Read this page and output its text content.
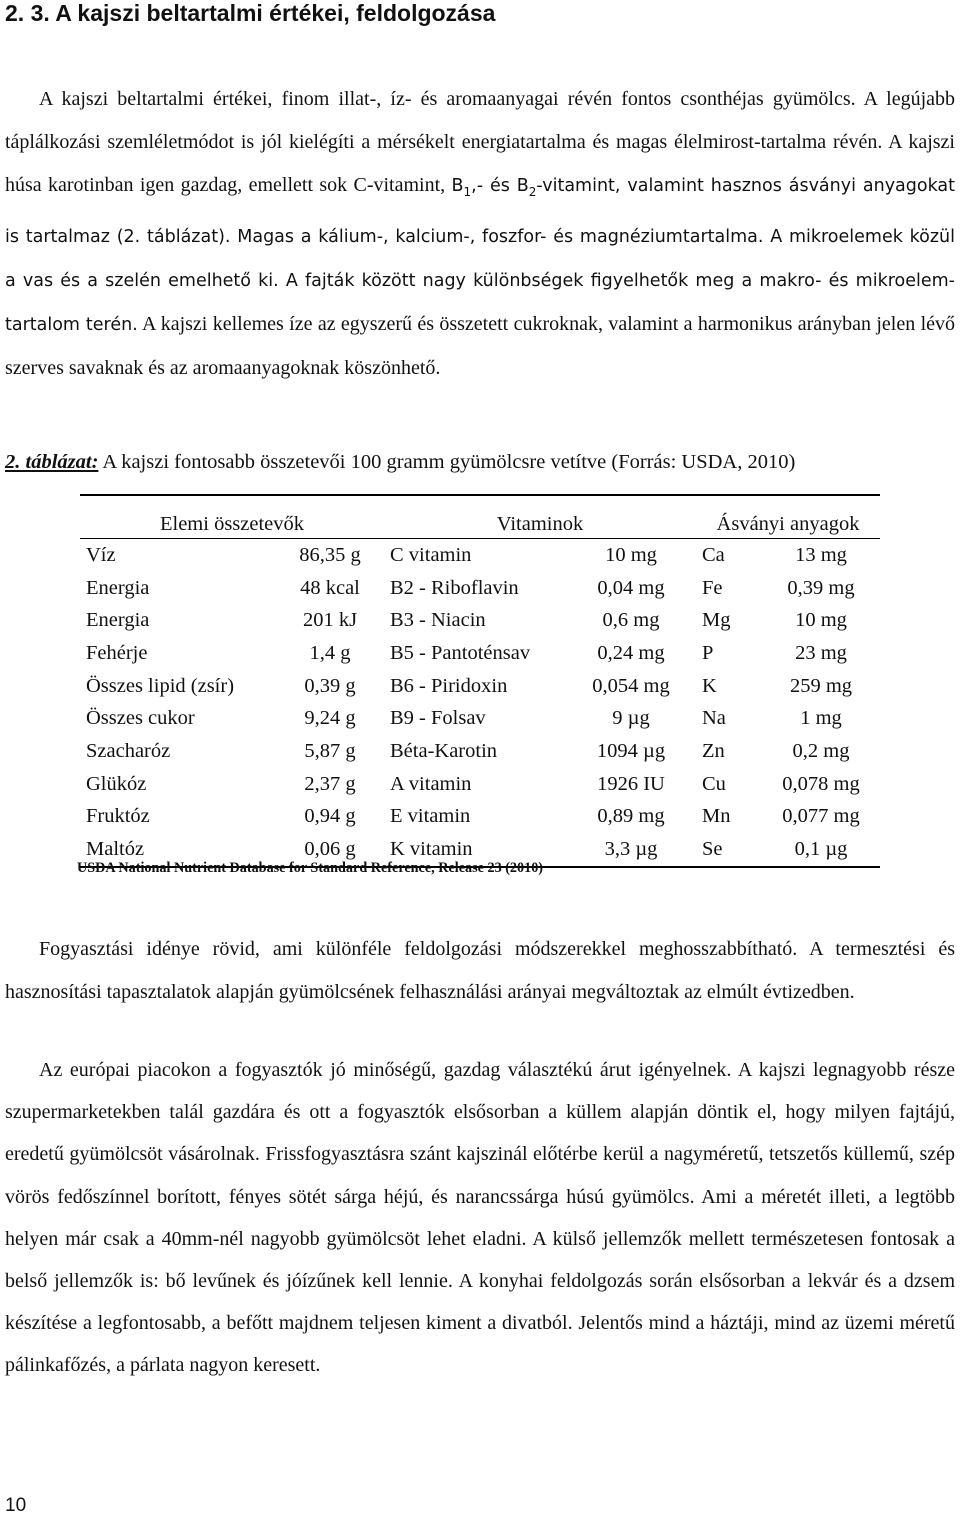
2. 3. A kajszi beltartalmi értékei, feldolgozása
A kajszi beltartalmi értékei, finom illat-, íz- és aromaanyagai révén fontos csonthéjas gyümölcs. A legújabb táplálkozási szemléletmódot is jól kielégíti a mérsékelt energiatartalma és magas élelmirost-tartalma révén. A kajszi húsa karotinban igen gazdag, emellett sok C-vitamint, $B_1,-$ és $B_2$-vitamint, valamint hasznos ásványi anyagokat is tartalmaz (2. táblázat). Magas a kálium-, kalcium-, foszfor- és magnéziumtartalma. A mikroelemek közül a vas és a szelén emelhető ki. A fajták között nagy különbségek figyelhetők meg a makro- és mikroelem-tartalom terén. A kajszi kellemes íze az egyszerű és összetett cukroknak, valamint a harmonikus arányban jelen lévő szerves savaknak és az aromaanyagoknak köszönhető.
2. táblázat: A kajszi fontosabb összetevői 100 gramm gyümölcsre vetítve (Forrás: USDA, 2010)
Elemi összetevők		Vitaminok		Ásványi anyagok	
Víz	86,35 g	C vitamin	10 mg	Ca	13 mg
Energia	48 kcal	B2 - Riboflavin	0,04 mg	Fe	0,39 mg
Energia	201 kJ	B3 - Niacin	0,6 mg	Mg	10 mg
Fehérje	1,4 g	B5 - Pantoténsav	0,24 mg	P	23 mg
Összes lipid (zsír)	0,39 g	B6 - Piridoxin	0,054 mg	K	259 mg
Összes cukor	9,24 g	B9 - Folsav	9 µg	Na	1 mg
Szacharóz	5,87 g	Béta-Karotin	1094 µg	Zn	0,2 mg
Glükóz	2,37 g	A vitamin	1926 IU	Cu	0,078 mg
Fruktóz	0,94 g	E vitamin	0,89 mg	Mn	0,077 mg
Maltóz	0,06 g	K vitamin	3,3 µg	Se	0,1 µg
USDA National Nutrient Database for Standard Reference, Release 23 (2010)
Fogyasztási idénye rövid, ami különféle feldolgozási módszerekkel meghosszabbítható. A termesztési és hasznosítási tapasztalatok alapján gyümölcsének felhasználási arányai megváltoztak az elmúlt évtizedben.
Az európai piacokon a fogyasztók jó minőségű, gazdag választékú árut igényelnek. A kajszi legnagyobb része szupermarketekben talál gazdára és ott a fogyasztók elsősorban a küllem alapján döntik el, hogy milyen fajtájú, eredetű gyümölcsöt vásárolnak. Frissfogyasztásra szánt kajszinál előtérbe kerül a nagyméretű, tetszetős küllemű, szép vörös fedőszínnel borított, fényes sötét sárga héjú, és narancssárga húsú gyümölcs. Ami a méretét illeti, a legtöbb helyen már csak a 40mm-nél nagyobb gyümölcsöt lehet eladni. A külső jellemzők mellett természetesen fontosak a belső jellemzők is: bő levűnek és jóízűnek kell lennie. A konyhai feldolgozás során elsősorban a lekvár és a dzsem készítése a legfontosabb, a befőtt majdnem teljesen kiment a divatból. Jelentős mind a háztáji, mind az üzemi méretű pálinkafőzés, a párlata nagyon keresett.
10
